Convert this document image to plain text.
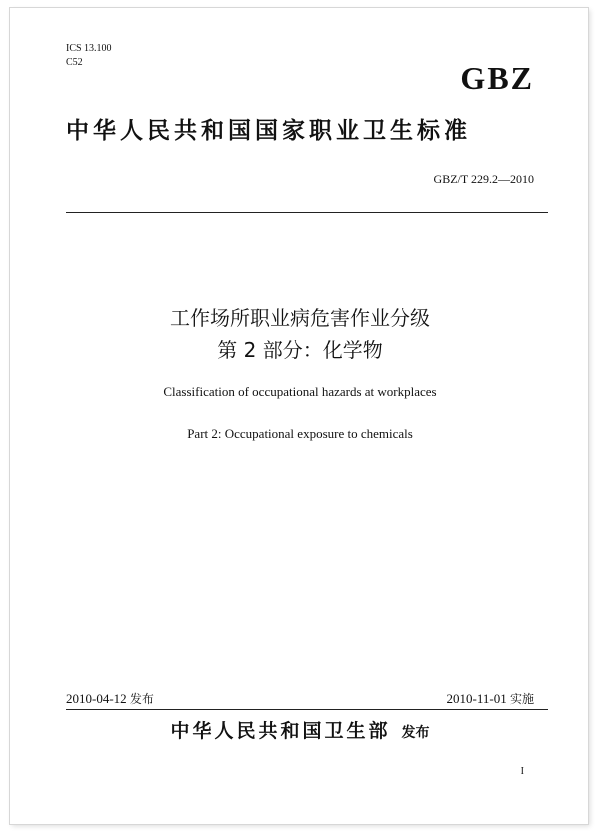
ICS 13.100
C52	GBZ
中华人民共和国国家职业卫生标准
GBZ/T 229.2—2010
工作场所职业病危害作业分级
第 2 部分：化学物
Classification of occupational hazards at workplaces
Part 2: Occupational exposure to chemicals
2010-04-12 发布	2010-11-01 实施
中华人民共和国卫生部 发布
I
